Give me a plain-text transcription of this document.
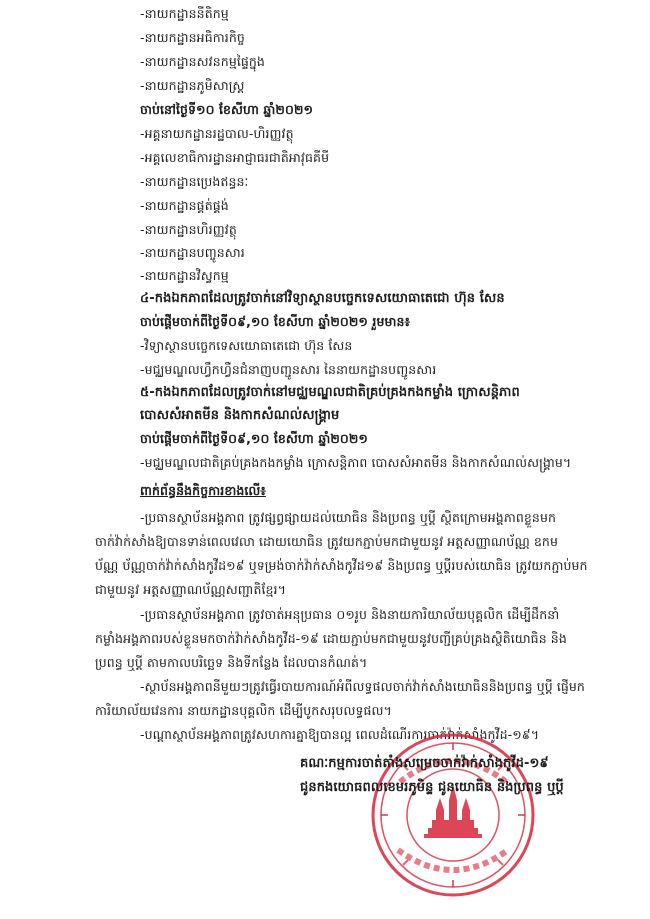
-នាយកដ្ឋាននីតិកម្ម
-នាយកដ្ឋានអធិការកិច្ច
-នាយកដ្ឋានសវនកម្មផ្ទៃក្នុង
-នាយកដ្ឋានភូមិសាស្ត្រ
ចាប់នៅថ្ងៃទី១០ ខែសីហា ឆ្នាំ២០២១
-អគ្គនាយកដ្ឋានរដ្ឋបាល-ហិរញ្ញវត្ថុ
-អគ្គលេខាធិការដ្ឋានអាជ្ញាធរជាតិអាវុធគីមី
-នាយកដ្ឋានប្រេងឥន្ធនៈ
-នាយកដ្ឋានផ្គត់ផ្គង់
-នាយកដ្ឋានហិរញ្ញវត្ថុ
-នាយកដ្ឋានបញ្ចូនសារ
-នាយកដ្ឋានវិស្វកម្ម
៤-កងឯកភាពដែលត្រូវចាក់នៅវិទ្យាស្ថានបច្ចេកទេសយោធាតេជោ ហ៊ុន សែន
ចាប់ផ្ដើមចាក់ពីថ្ងៃទី០៩,១០ ខែសីហា ឆ្នាំ២០២១ រួមមាន៖
-វិទ្យាស្ថានបច្ចេកទេសយោធាតេជោ ហ៊ុន សែន
-មជ្ឈមណ្ឌលហ្វឹកហ្វឺនជំនាញបញ្ជូនសារ នៃនាយកដ្ឋានបញ្ជូនសារ
៥-កងឯកភាពដែលត្រូវចាក់នៅមជ្ឈមណ្ឌលជាតិគ្រប់គ្រងកងកម្លាំង ក្រោសន្តិភាព
បោសសំអាតមីន និងកាកសំណល់សង្គ្រាម
ចាប់ផ្ដើមចាក់ពីថ្ងៃទី០៩,១០ ខែសីហា ឆ្នាំ២០២១
-មជ្ឈមណ្ឌលជាតិគ្រប់គ្រងកងកម្លាំង ក្រោសន្តិភាព បោសសំអាតមីន និងកាកសំណល់សង្គ្រាម។
ពាក់ព័ន្ធនឹងកិច្ចការខាងលើ៖
-ប្រធានស្ថាប័នអង្គភាព ត្រូវផ្សព្វផ្សាយដល់យោធិន និងប្រពន្ធ ឬប្ដី ស្ថិតក្រោមអង្គភាពខ្លួនមក
ចាក់វ៉ាក់សាំងឱ្យបានទាន់ពេលវេលា ដោយយោធិន ត្រូវយកភ្ជាប់មកជាមួយនូវ អត្តសញ្ញាណប័ណ្ណ ឧកម
ប័ណ្ណ ប័ណ្ណចាក់វ៉ាក់សាំងកូវីដ១៩ ឬទម្រង់ចាក់វ៉ាក់សាំងកូវីដ១៩ និងប្រពន្ធ ឬប្ដីរបស់យោធិន ត្រូវយកភ្ជាប់មក
ជាមួយនូវ អត្តសញ្ញាណប័ណ្ណសញ្ជាតិខ្មែរ។
-ប្រធានស្ថាប័នអង្គភាព ត្រូវចាត់អនុប្រធាន ០១រូប និងនាយការិយាល័យបុគ្គលិក ដើម្បីដឹកនាំ
កម្លាំងអង្គភាពរបស់ខ្លួនមកចាក់វ៉ាក់សាំងកូវីដ-១៩ ដោយភ្ជាប់មកជាមួយនូវបញ្ជីគ្រប់គ្រងស្ថិតិយោធិន និង
ប្រពន្ធ ឬប្ដី តាមកាលបរិច្ឆេទ និងទីកន្លែង ដែលបានកំណត់។
-ស្ថាប័នអង្គភាពនីមួយៗត្រូវធ្វើរបាយការណ៍អំពីលទ្ធផលចាក់វ៉ាក់សាំងយោធិននិងប្រពន្ធ ឬប្ដី ផ្ញើមក
ការិយាល័យវេនការ នាយកដ្ឋានបុគ្គលិក ដើម្បីបូកសរុបលទ្ធផល។
-បណ្ដាស្ថាប័នអង្គភាពត្រូវសហការគ្នាឱ្យបានល្អ ពេលដំណើរការចាក់វ៉ាក់សាំងកូវីដ-១៩។
គណៈកម្មការចាត់តាំងសម្រេចចាក់វ៉ាក់សាំងកូវីដ-១៩
ជូនកងយោធពលខេមរភូមិន្ទ ជូនយោធិន និងប្រពន្ធ ឬប្ដី
